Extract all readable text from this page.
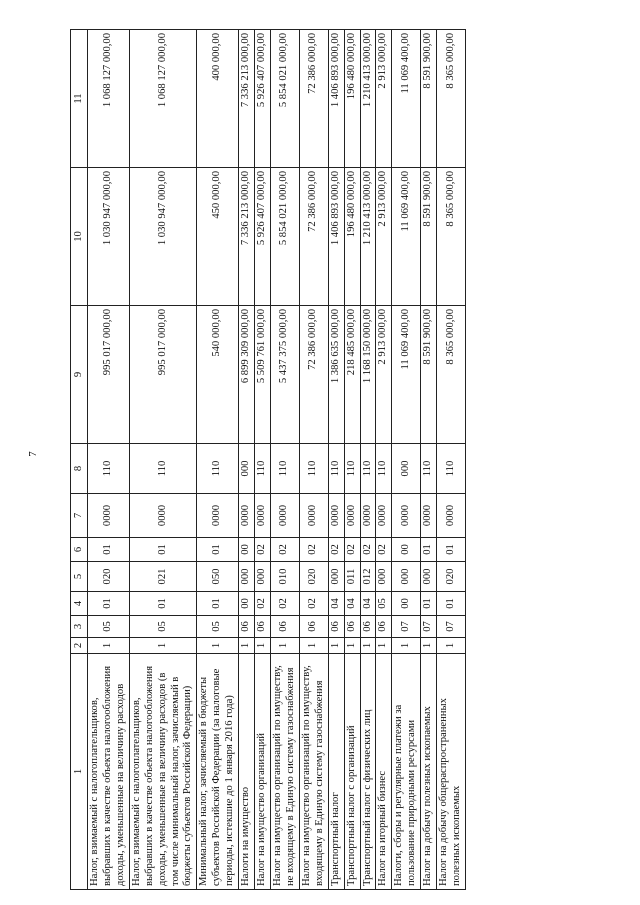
7
1	2	3	4	5	6	7	8	9	10	11
Налог, взимаемый с налогоплательщиков, выбравших в качестве объекта налогообложения доходы, уменьшенные на величину расходов	1	05	01	020	01	0000	110	995 017 000,00	1 030 947 000,00	1 068 127 000,00
Налог, взимаемый с налогоплательщиков, выбравших в качестве объекта налогообложения доходы, уменьшенные на величину расходов (в том числе минимальный налог, зачисляемый в бюджеты субъектов Российской Федерации)	1	05	01	021	01	0000	110	995 017 000,00	1 030 947 000,00	1 068 127 000,00
Минимальный налог, зачисляемый в бюджеты субъектов Российской Федерации (за налоговые периоды, истекшие до 1 января 2016 года)	1	05	01	050	01	0000	110	540 000,00	450 000,00	400 000,00
Налоги на имущество	1	06	00	000	00	0000	000	6 899 309 000,00	7 336 213 000,00	7 336 213 000,00
Налог на имущество организаций	1	06	02	000	02	0000	110	5 509 761 000,00	5 926 407 000,00	5 926 407 000,00
Налог на имущество организаций по имуществу, не входящему в Единую систему газоснабжения	1	06	02	010	02	0000	110	5 437 375 000,00	5 854 021 000,00	5 854 021 000,00
Налог на имущество организаций по имуществу, входящему в Единую систему газоснабжения	1	06	02	020	02	0000	110	72 386 000,00	72 386 000,00	72 386 000,00
Транспортный налог	1	06	04	000	02	0000	110	1 386 635 000,00	1 406 893 000,00	1 406 893 000,00
Транспортный налог с организаций	1	06	04	011	02	0000	110	218 485 000,00	196 480 000,00	196 480 000,00
Транспортный налог с физических лиц	1	06	04	012	02	0000	110	1 168 150 000,00	1 210 413 000,00	1 210 413 000,00
Налог на игорный бизнес	1	06	05	000	02	0000	110	2 913 000,00	2 913 000,00	2 913 000,00
Налоги, сборы и регулярные платежи за пользование природными ресурсами	1	07	00	000	00	0000	000	11 069 400,00	11 069 400,00	11 069 400,00
Налог на добычу полезных ископаемых	1	07	01	000	01	0000	110	8 591 900,00	8 591 900,00	8 591 900,00
Налог на добычу общераспространенных полезных ископаемых	1	07	01	020	01	0000	110	8 365 000,00	8 365 000,00	8 365 000,00
